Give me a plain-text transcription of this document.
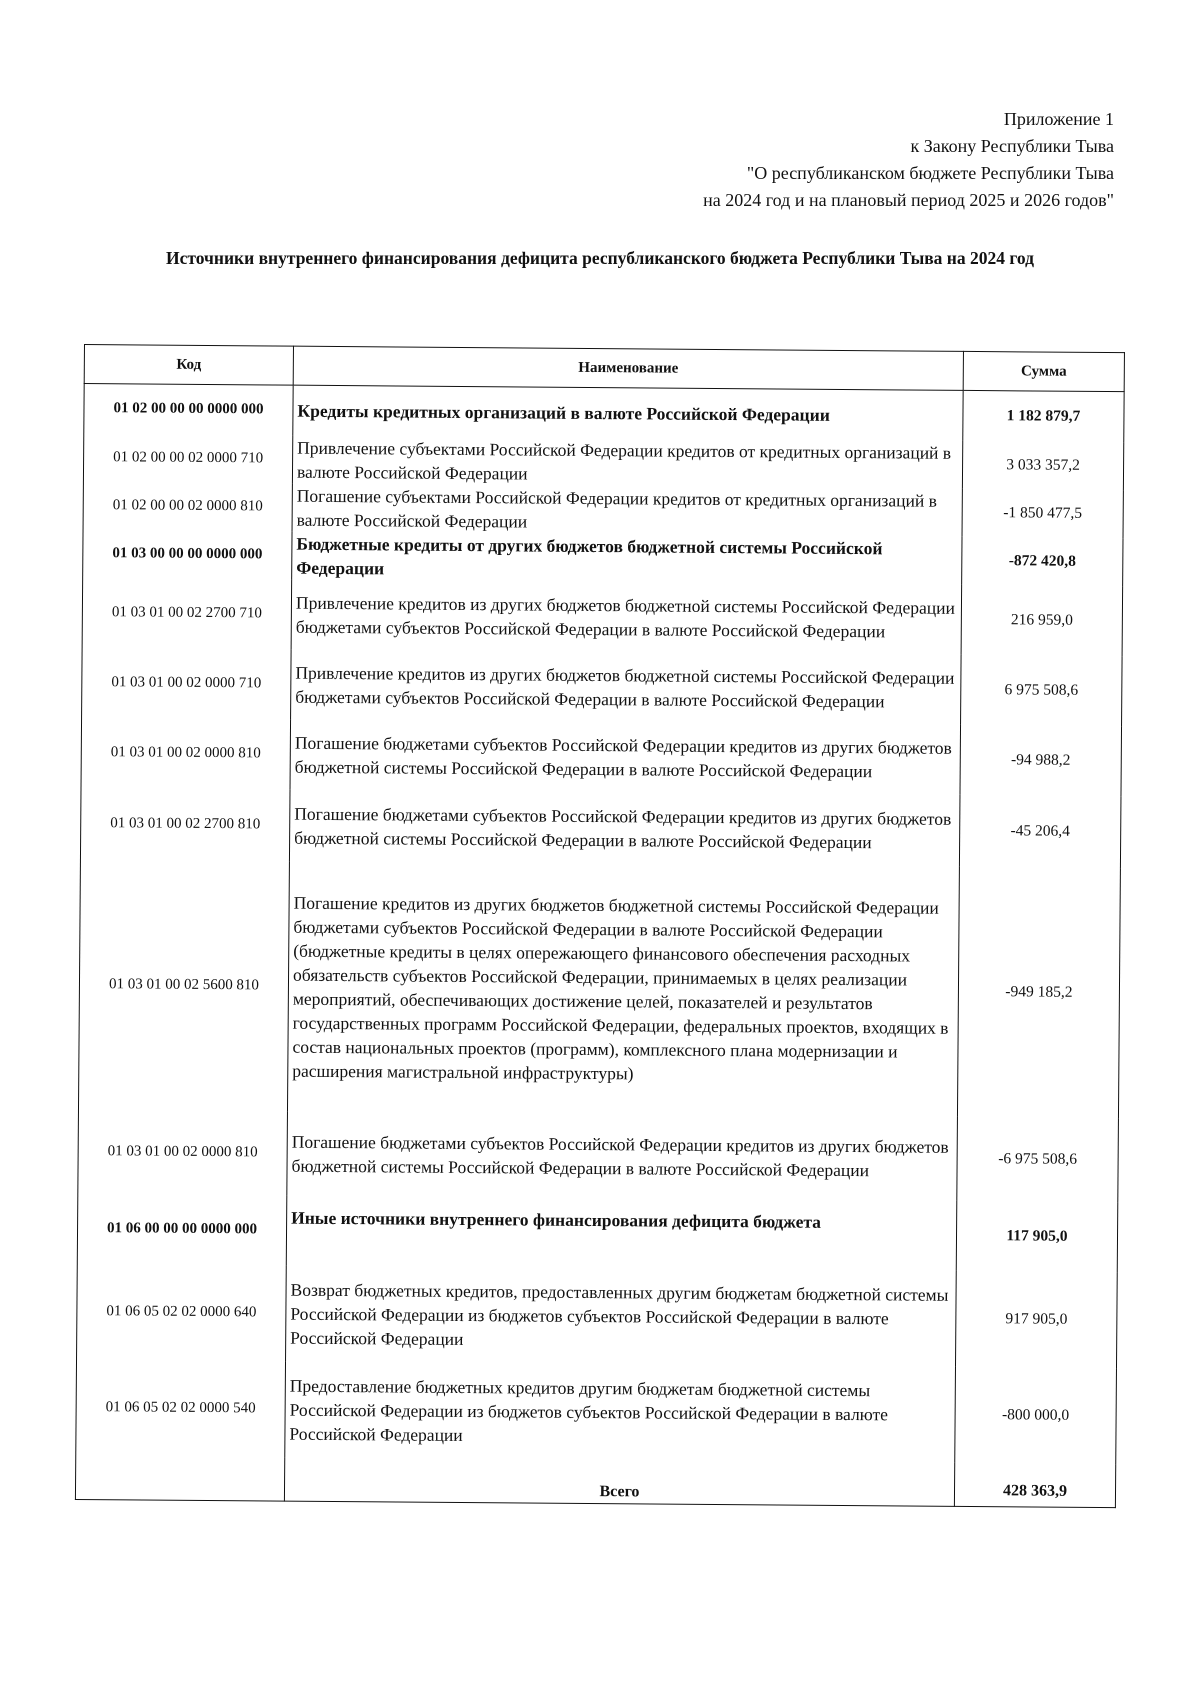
Приложение 1
к Закону Республики Тыва
"О республиканском бюджете Республики Тыва
на 2024 год и на плановый период 2025 и 2026 годов"
Источники внутреннего финансирования дефицита республиканского бюджета Республики Тыва на 2024 год
Код	Наименование	Сумма
01 02 00 00 00 0000 000	Кредиты кредитных организаций в валюте Российской Федерации	1 182 879,7
01 02 00 00 02 0000 710	Привлечение субъектами Российской Федерации кредитов от кредитных организаций в валюте Российской Федерации	3 033 357,2
01 02 00 00 02 0000 810	Погашение субъектами Российской Федерации кредитов от кредитных организаций в валюте Российской Федерации	-1 850 477,5
01 03 00 00 00 0000 000	Бюджетные кредиты от других бюджетов бюджетной системы Российской Федерации	-872 420,8
01 03 01 00 02 2700 710	Привлечение кредитов из других бюджетов бюджетной системы Российской Федерации бюджетами субъектов Российской Федерации в валюте Российской Федерации	216 959,0
01 03 01 00 02 0000 710	Привлечение кредитов из других бюджетов бюджетной системы Российской Федерации бюджетами субъектов Российской Федерации в валюте Российской Федерации	6 975 508,6
01 03 01 00 02 0000 810	Погашение бюджетами субъектов Российской Федерации кредитов из других бюджетов бюджетной системы Российской Федерации в валюте Российской Федерации	-94 988,2
01 03 01 00 02 2700 810	Погашение бюджетами субъектов Российской Федерации кредитов из других бюджетов бюджетной системы Российской Федерации в валюте Российской Федерации	-45 206,4
01 03 01 00 02 5600 810	Погашение кредитов из других бюджетов бюджетной системы Российской Федерации бюджетами субъектов Российской Федерации в валюте Российской Федерации (бюджетные кредиты в целях опережающего финансового обеспечения расходных обязательств субъектов Российской Федерации, принимаемых в целях реализации мероприятий, обеспечивающих достижение целей, показателей и результатов государственных программ Российской Федерации, федеральных проектов, входящих в состав национальных проектов (программ), комплексного плана модернизации и расширения магистральной инфраструктуры)	-949 185,2
01 03 01 00 02 0000 810	Погашение бюджетами субъектов Российской Федерации кредитов из других бюджетов бюджетной системы Российской Федерации в валюте Российской Федерации	-6 975 508,6
01 06 00 00 00 0000 000	Иные источники внутреннего финансирования дефицита бюджета	117 905,0
01 06 05 02 02 0000 640	Возврат бюджетных кредитов, предоставленных другим бюджетам бюджетной системы Российской Федерации из бюджетов субъектов Российской Федерации в валюте Российской Федерации	917 905,0
01 06 05 02 02 0000 540	Предоставление бюджетных кредитов другим бюджетам бюджетной системы Российской Федерации из бюджетов субъектов Российской Федерации в валюте Российской Федерации	-800 000,0
	Всего	428 363,9
